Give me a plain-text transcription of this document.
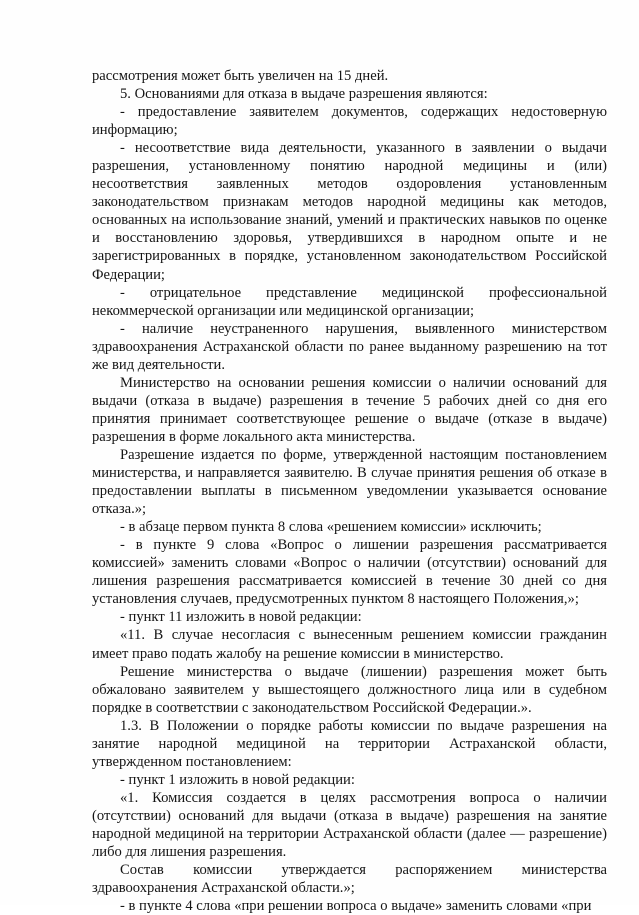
рассмотрения может быть увеличен на 15 дней.

5. Основаниями для отказа в выдаче разрешения являются:

- предоставление заявителем документов, содержащих недостоверную информацию;

- несоответствие вида деятельности, указанного в заявлении о выдачи разрешения, установленному понятию народной медицины и (или) несоответствия заявленных методов оздоровления установленным законодательством признакам методов народной медицины как методов, основанных на использование знаний, умений и практических навыков по оценке и восстановлению здоровья, утвердившихся в народном опыте и не зарегистрированных в порядке, установленном законодательством Российской Федерации;

- отрицательное представление медицинской профессиональной некоммерческой организации или медицинской организации;

- наличие неустраненного нарушения, выявленного министерством здравоохранения Астраханской области по ранее выданному разрешению на тот же вид деятельности.

Министерство на основании решения комиссии о наличии оснований для выдачи (отказа в выдаче) разрешения в течение 5 рабочих дней со дня его принятия принимает соответствующее решение о выдаче (отказе в выдаче) разрешения в форме локального акта министерства.

Разрешение издается по форме, утвержденной настоящим постановлением министерства, и направляется заявителю. В случае принятия решения об отказе в предоставлении выплаты в письменном уведомлении указывается основание отказа.»;

- в абзаце первом пункта 8 слова «решением комиссии» исключить;

- в пункте 9 слова «Вопрос о лишении разрешения рассматривается комиссией» заменить словами «Вопрос о наличии (отсутствии) оснований для лишения разрешения рассматривается комиссией в течение 30 дней со дня установления случаев, предусмотренных пунктом 8 настоящего Положения,»;

- пункт 11 изложить в новой редакции:

«11. В случае несогласия с вынесенным решением комиссии гражданин имеет право подать жалобу на решение комиссии в министерство.

Решение министерства о выдаче (лишении) разрешения может быть обжаловано заявителем у вышестоящего должностного лица или в судебном порядке в соответствии с законодательством Российской Федерации.».

1.3. В Положении о порядке работы комиссии по выдаче разрешения на занятие народной медициной на территории Астраханской области, утвержденном постановлением:

- пункт 1 изложить в новой редакции:

«1. Комиссия создается в целях рассмотрения вопроса о наличии (отсутствии) оснований для выдачи (отказа в выдаче) разрешения на занятие народной медициной на территории Астраханской области (далее — разрешение) либо для лишения разрешения.

Состав комиссии утверждается распоряжением министерства здравоохранения Астраханской области.»;

- в пункте 4 слова «при решении вопроса о выдаче» заменить словами «при
